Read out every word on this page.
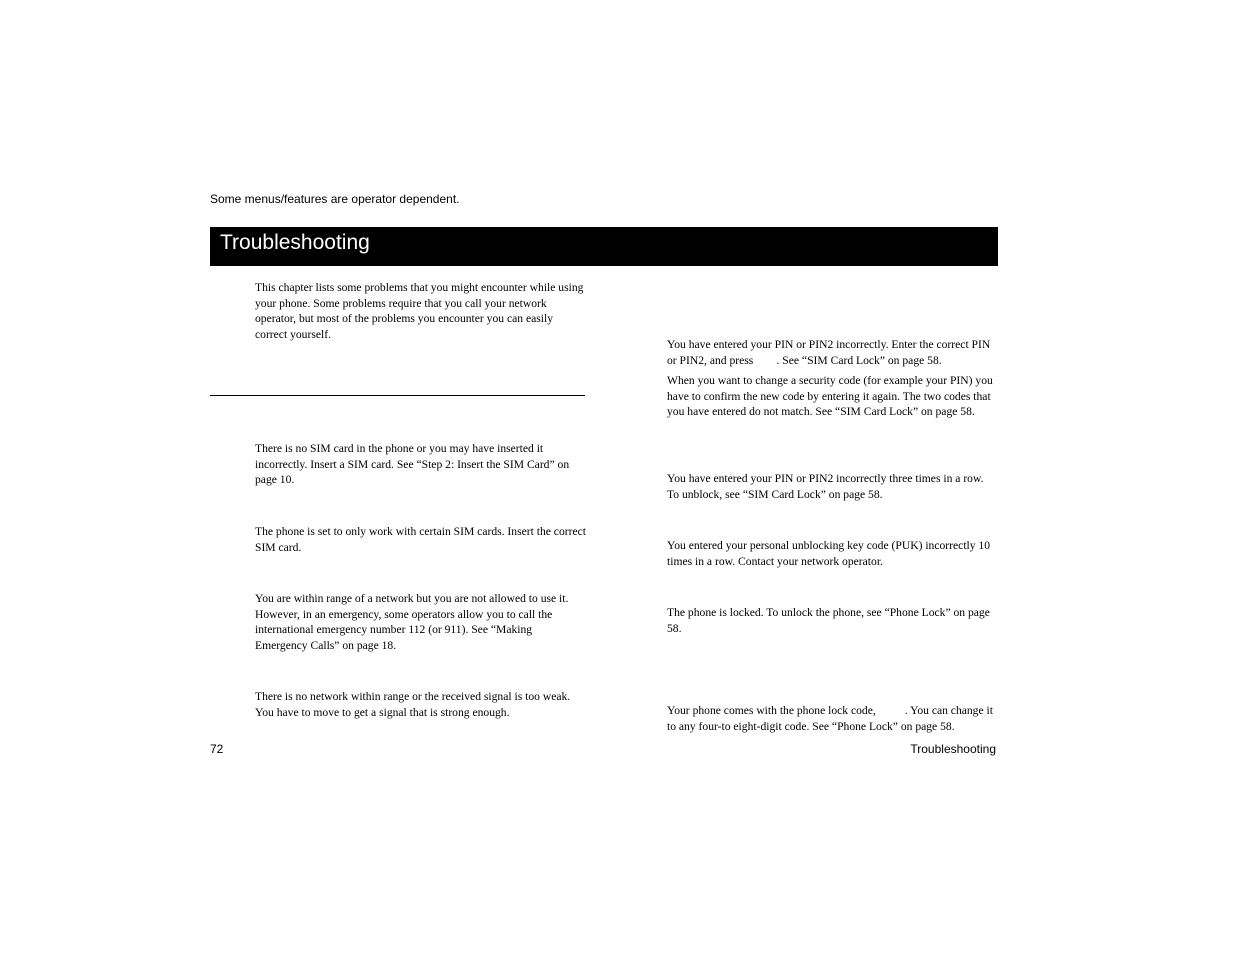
Some menus/features are operator dependent.
Troubleshooting

This chapter lists some problems that you might encounter while using your phone. Some problems require that you call your network operator, but most of the problems you encounter you can easily correct yourself.

There is no SIM card in the phone or you may have inserted it incorrectly. Insert a SIM card. See “Step 2: Insert the SIM Card” on page 10.

The phone is set to only work with certain SIM cards. Insert the correct SIM card.

You are within range of a network but you are not allowed to use it. However, in an emergency, some operators allow you to call the international emergency number 112 (or 911). See “Making Emergency Calls” on page 18.

There is no network within range or the received signal is too weak. You have to move to get a signal that is strong enough.

You have entered your PIN or PIN2 incorrectly. Enter the correct PIN or PIN2, and press        . See “SIM Card Lock” on page 58.

When you want to change a security code (for example your PIN) you have to confirm the new code by entering it again. The two codes that you have entered do not match. See “SIM Card Lock” on page 58.

You have entered your PIN or PIN2 incorrectly three times in a row. To unblock, see “SIM Card Lock” on page 58.

You entered your personal unblocking key code (PUK) incorrectly 10 times in a row. Contact your network operator.

The phone is locked. To unlock the phone, see “Phone Lock” on page 58.

Your phone comes with the phone lock code,          . You can change it to any four-to eight-digit code. See “Phone Lock” on page 58.

72	Troubleshooting
